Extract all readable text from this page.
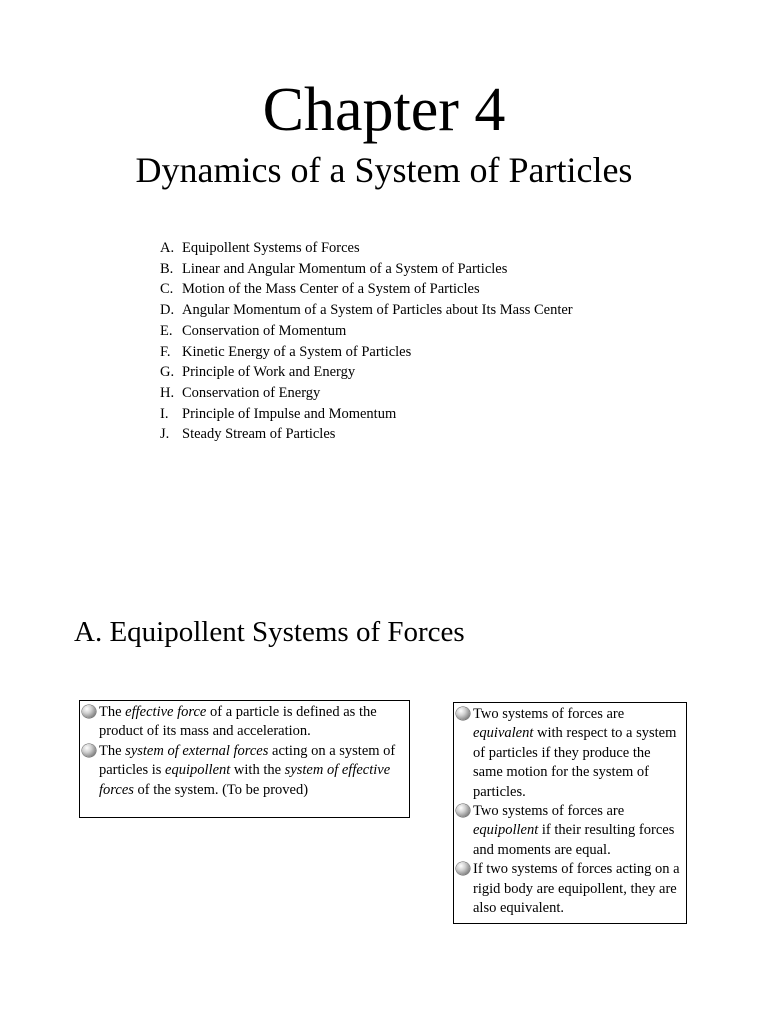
Chapter 4
Dynamics of a System of Particles
A. Equipollent Systems of Forces
B. Linear and Angular Momentum of a System of Particles
C. Motion of the Mass Center of a System of Particles
D. Angular Momentum of a System of Particles about Its Mass Center
E. Conservation of Momentum
F. Kinetic Energy of a System of Particles
G. Principle of Work and Energy
H. Conservation of Energy
I. Principle of Impulse and Momentum
J. Steady Stream of Particles
A. Equipollent Systems of Forces
The effective force of a particle is defined as the product of its mass and acceleration.
The system of external forces acting on a system of particles is equipollent with the system of effective forces of the system. (To be proved)
Two systems of forces are equivalent with respect to a system of particles if they produce the same motion for the system of particles.
Two systems of forces are equipollent if their resulting forces and moments are equal.
If two systems of forces acting on a rigid body are equipollent, they are also equivalent.
